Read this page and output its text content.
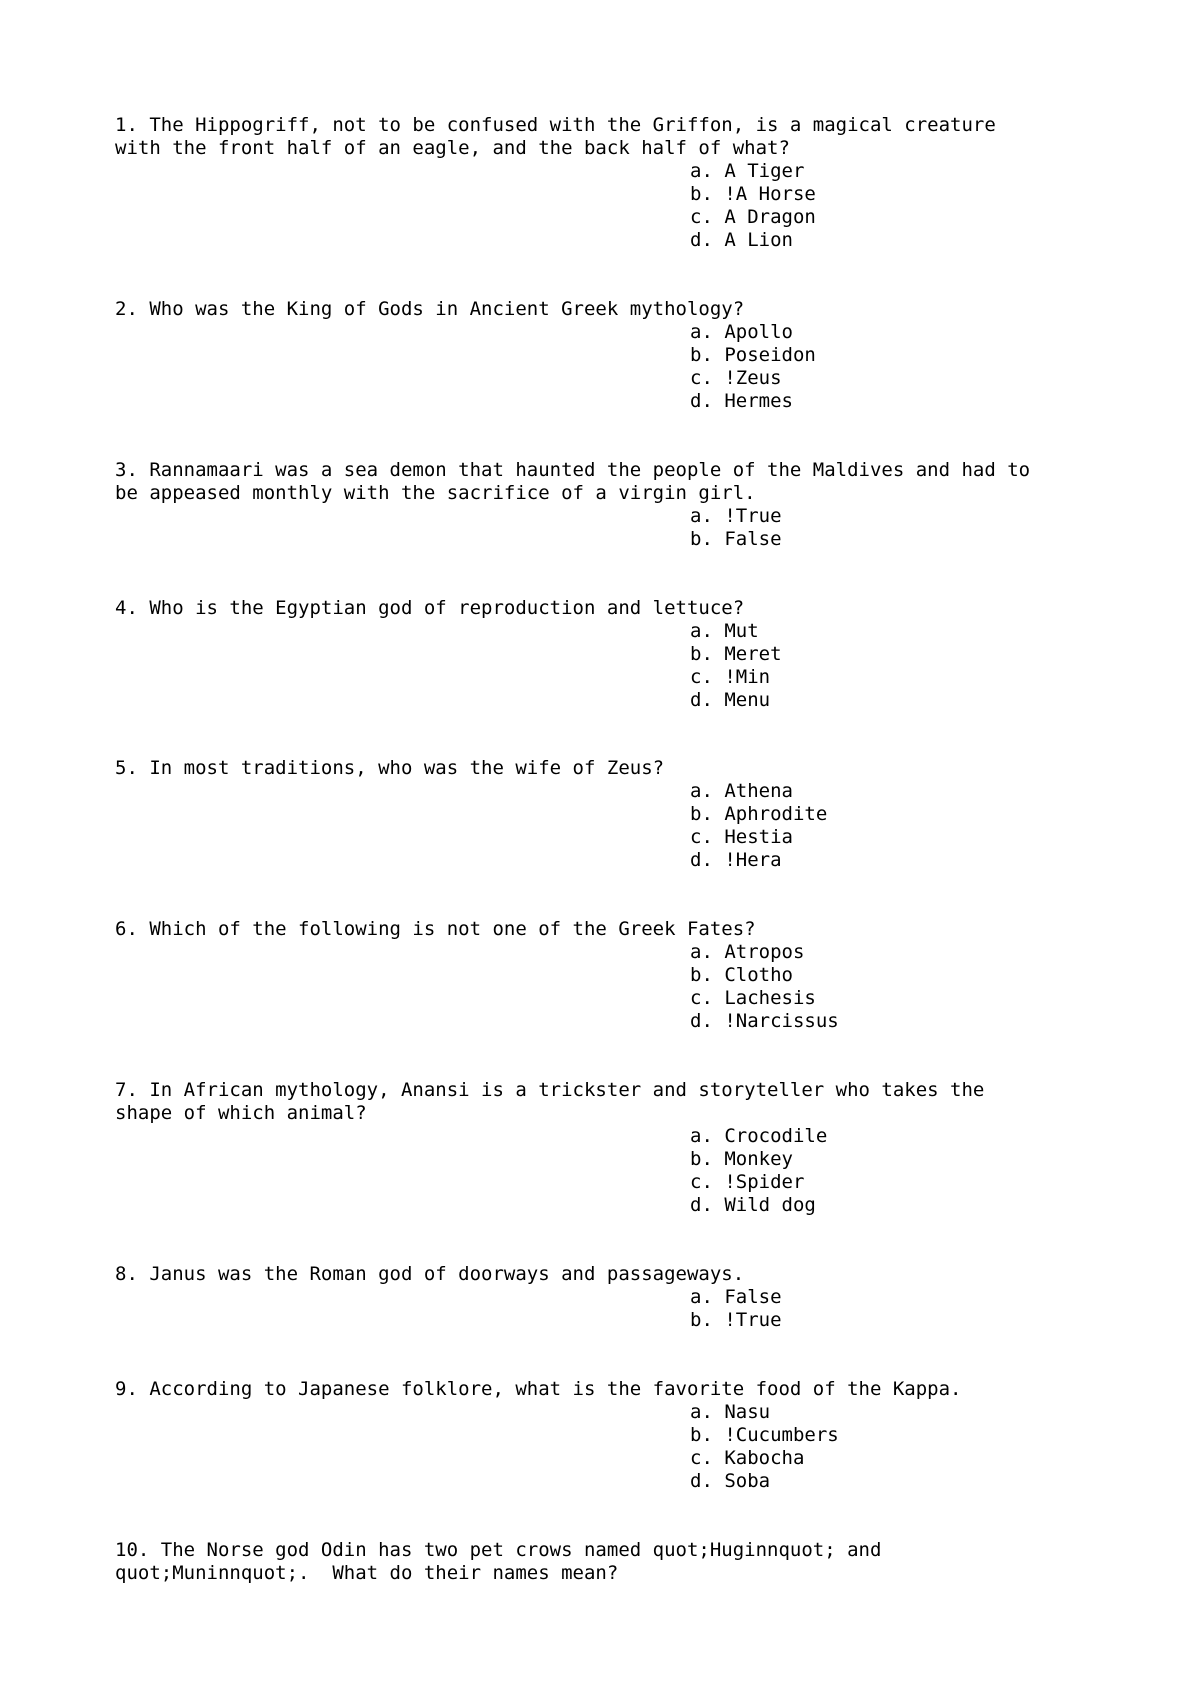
1. The Hippogriff, not to be confused with the Griffon, is a magical creature
with the front half of an eagle, and the back half of what?
a. A Tiger
b. !A Horse
c. A Dragon
d. A Lion
2. Who was the King of Gods in Ancient Greek mythology?
a. Apollo
b. Poseidon
c. !Zeus
d. Hermes
3. Rannamaari was a sea demon that haunted the people of the Maldives and had to
be appeased monthly with the sacrifice of a virgin girl.
a. !True
b. False
4. Who is the Egyptian god of reproduction and lettuce?
a. Mut
b. Meret
c. !Min
d. Menu
5. In most traditions, who was the wife of Zeus?
a. Athena
b. Aphrodite
c. Hestia
d. !Hera
6. Which of the following is not one of the Greek Fates?
a. Atropos
b. Clotho
c. Lachesis
d. !Narcissus
7. In African mythology, Anansi is a trickster and storyteller who takes the
shape of which animal?
a. Crocodile
b. Monkey
c. !Spider
d. Wild dog
8. Janus was the Roman god of doorways and passageways.
a. False
b. !True
9. According to Japanese folklore, what is the favorite food of the Kappa.
a. Nasu
b. !Cucumbers
c. Kabocha
d. Soba
10. The Norse god Odin has two pet crows named quot;Huginnquot; and
quot;Muninnquot;.  What do their names mean?
